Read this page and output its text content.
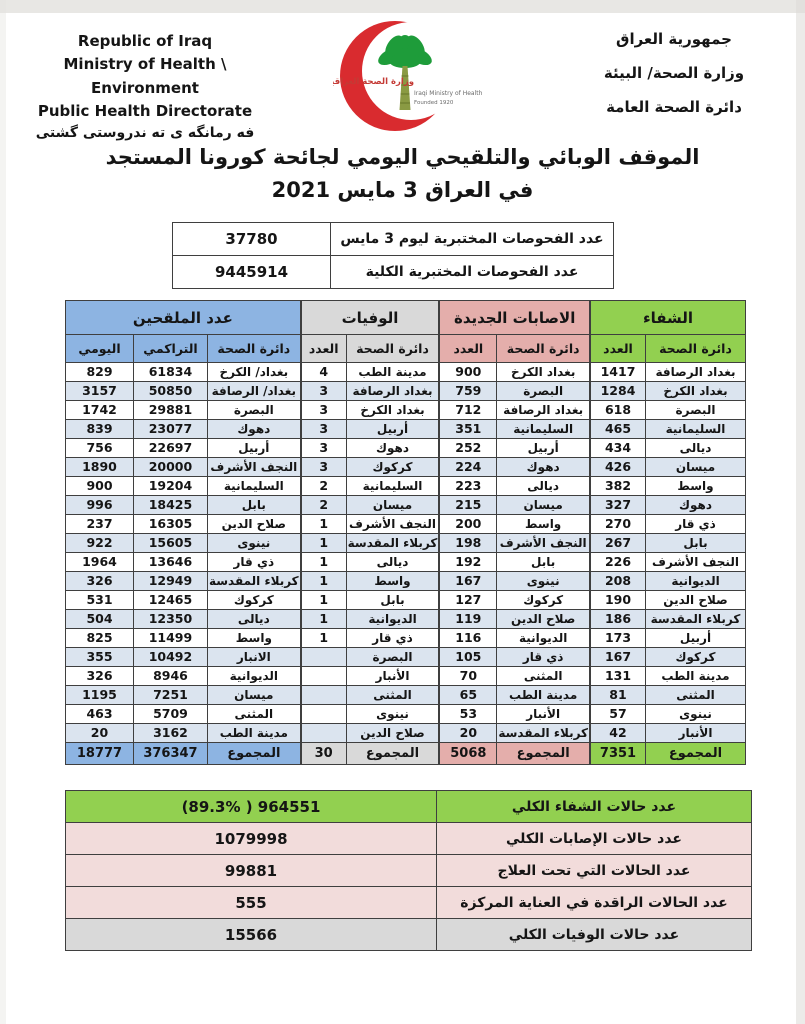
Republic of Iraq
Ministry of Health \ Environment
Public Health Directorate
فه رمانگه ی ته ندروستی گشتی
وزارة الصحة العراقية
Iraqi Ministry of Health
Founded 1920
جمهورية العراق
وزارة الصحة/ البيئة
دائرة الصحة العامة
الموقف الوبائي والتلقيحي اليومي لجائحة كورونا المستجد
في العراق 3 مايس 2021
37780	عدد الفحوصات المختبرية ليوم 3 مايس
9445914	عدد الفحوصات المختبرية الكلية
عدد الملقحين		
اليومي	التراكمي	دائرة الصحة
829	61834	بغداد/ الكرخ
3157	50850	بغداد/ الرصافة
1742	29881	البصرة
839	23077	دهوك
756	22697	أربيل
1890	20000	النجف الأشرف
900	19204	السليمانية
996	18425	بابل
237	16305	صلاح الدين
922	15605	نينوى
1964	13646	ذي قار
326	12949	كربلاء المقدسة
531	12465	كركوك
504	12350	ديالى
825	11499	واسط
355	10492	الانبار
326	8946	الديوانية
1195	7251	ميسان
463	5709	المثنى
20	3162	مدينة الطب
18777	376347	المجموع
الوفيات	
العدد	دائرة الصحة
4	مدينة الطب
3	بغداد الرصافة
3	بغداد الكرخ
3	أربيل
3	دهوك
3	كركوك
2	السليمانية
2	ميسان
1	النجف الأشرف
1	كربلاء المقدسة
1	ديالى
1	واسط
1	بابل
1	الديوانية
1	ذي قار
	البصرة
	الأنبار
	المثنى
	نينوى
	صلاح الدين
30	المجموع
الاصابات الجديدة	
العدد	دائرة الصحة
900	بغداد الكرخ
759	البصرة
712	بغداد الرصافة
351	السليمانية
252	أربيل
224	دهوك
223	ديالى
215	ميسان
200	واسط
198	النجف الأشرف
192	بابل
167	نينوى
127	كركوك
119	صلاح الدين
116	الديوانية
105	ذي قار
70	المثنى
65	مدينة الطب
53	الأنبار
20	كربلاء المقدسة
5068	المجموع
الشفاء	
العدد	دائرة الصحة
1417	بغداد الرصافة
1284	بغداد الكرخ
618	البصرة
465	السليمانية
434	ديالى
426	ميسان
382	واسط
327	دهوك
270	ذي قار
267	بابل
226	النجف الأشرف
208	الديوانية
190	صلاح الدين
186	كربلاء المقدسة
173	أربيل
167	كركوك
131	مدينة الطب
81	المثنى
57	نينوى
42	الأنبار
7351	المجموع
(89.3% ) 964551	عدد حالات الشفاء الكلي
1079998	عدد حالات الإصابات الكلي
99881	عدد الحالات التي تحت العلاج
555	عدد الحالات الراقدة في العناية المركزة
15566	عدد حالات الوفيات الكلي
